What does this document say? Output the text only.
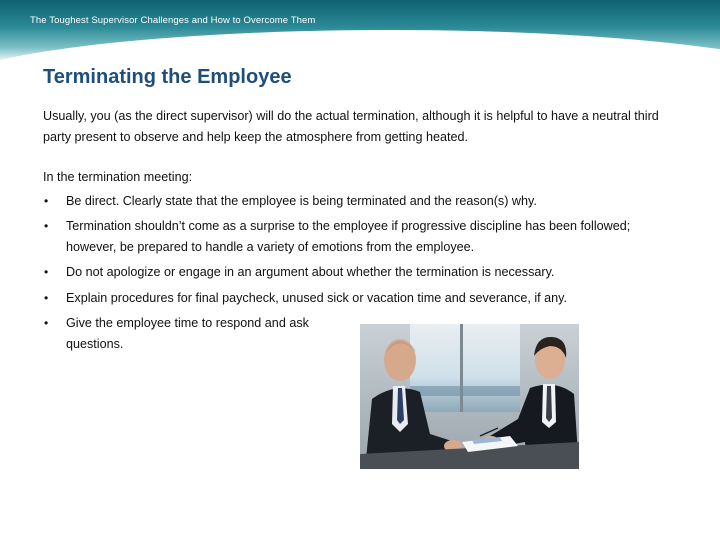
The Toughest Supervisor Challenges and How to Overcome Them
Terminating the Employee

Usually, you (as the direct supervisor) will do the actual termination, although it is helpful to have a neutral third party present to observe and help keep the atmosphere from getting heated.

In the termination meeting:

• Be direct. Clearly state that the employee is being terminated and the reason(s) why.
• Termination shouldn’t come as a surprise to the employee if progressive discipline has been followed; however, be prepared to handle a variety of emotions from the employee.
• Do not apologize or engage in an argument about whether the termination is necessary.
• Explain procedures for final paycheck, unused sick or vacation time and severance, if any.
• Give the employee time to respond and ask questions.
